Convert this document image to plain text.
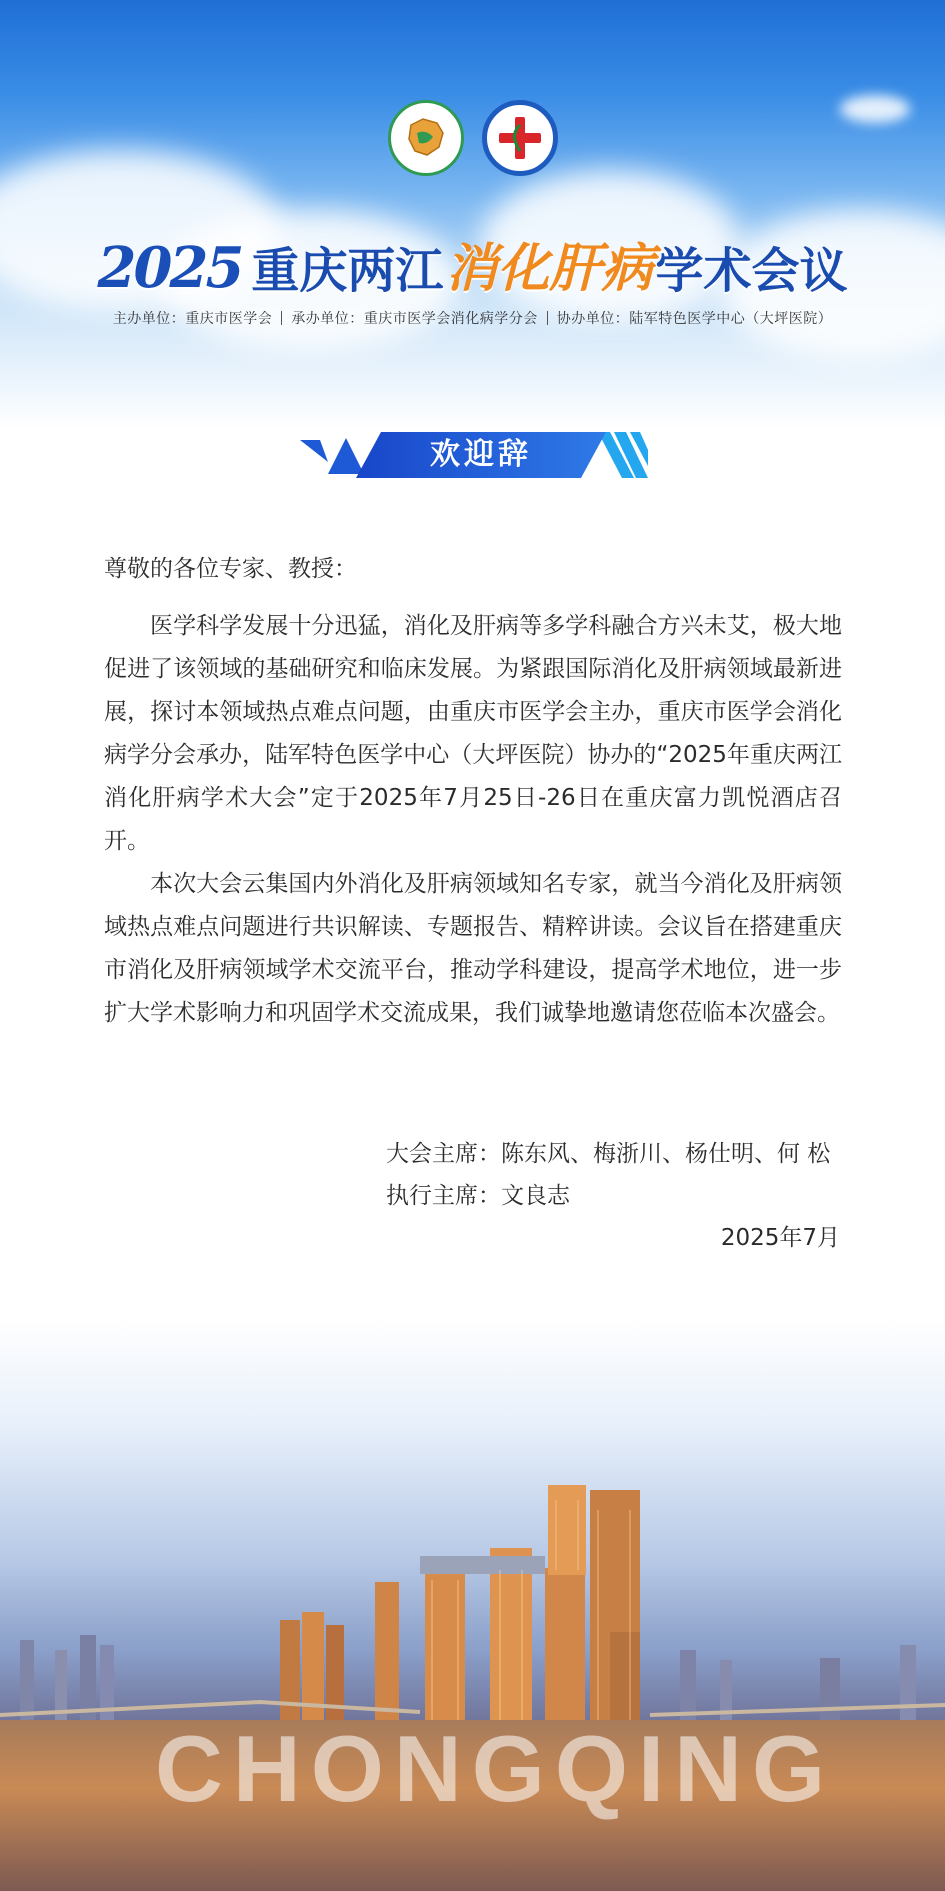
2025 重庆两江 消化肝病 学术会议
主办单位：重庆市医学会 承办单位：重庆市医学会消化病学分会 协办单位：陆军特色医学中心（大坪医院）
欢迎辞

尊敬的各位专家、教授：

医学科学发展十分迅猛，消化及肝病等多学科融合方兴未艾，极大地促进了该领域的基础研究和临床发展。为紧跟国际消化及肝病领域最新进展，探讨本领域热点难点问题，由重庆市医学会主办，重庆市医学会消化病学分会承办，陆军特色医学中心（大坪医院）协办的“2025年重庆两江消化肝病学术大会”定于2025年7月25日-26日在重庆富力凯悦酒店召开。

本次大会云集国内外消化及肝病领域知名专家，就当今消化及肝病领域热点难点问题进行共识解读、专题报告、精粹讲读。会议旨在搭建重庆市消化及肝病领域学术交流平台，推动学科建设，提高学术地位，进一步扩大学术影响力和巩固学术交流成果，我们诚挚地邀请您莅临本次盛会。

大会主席：陈东风、梅浙川、杨仕明、何 松
执行主席：文良志
2025年7月
CHONGQING
